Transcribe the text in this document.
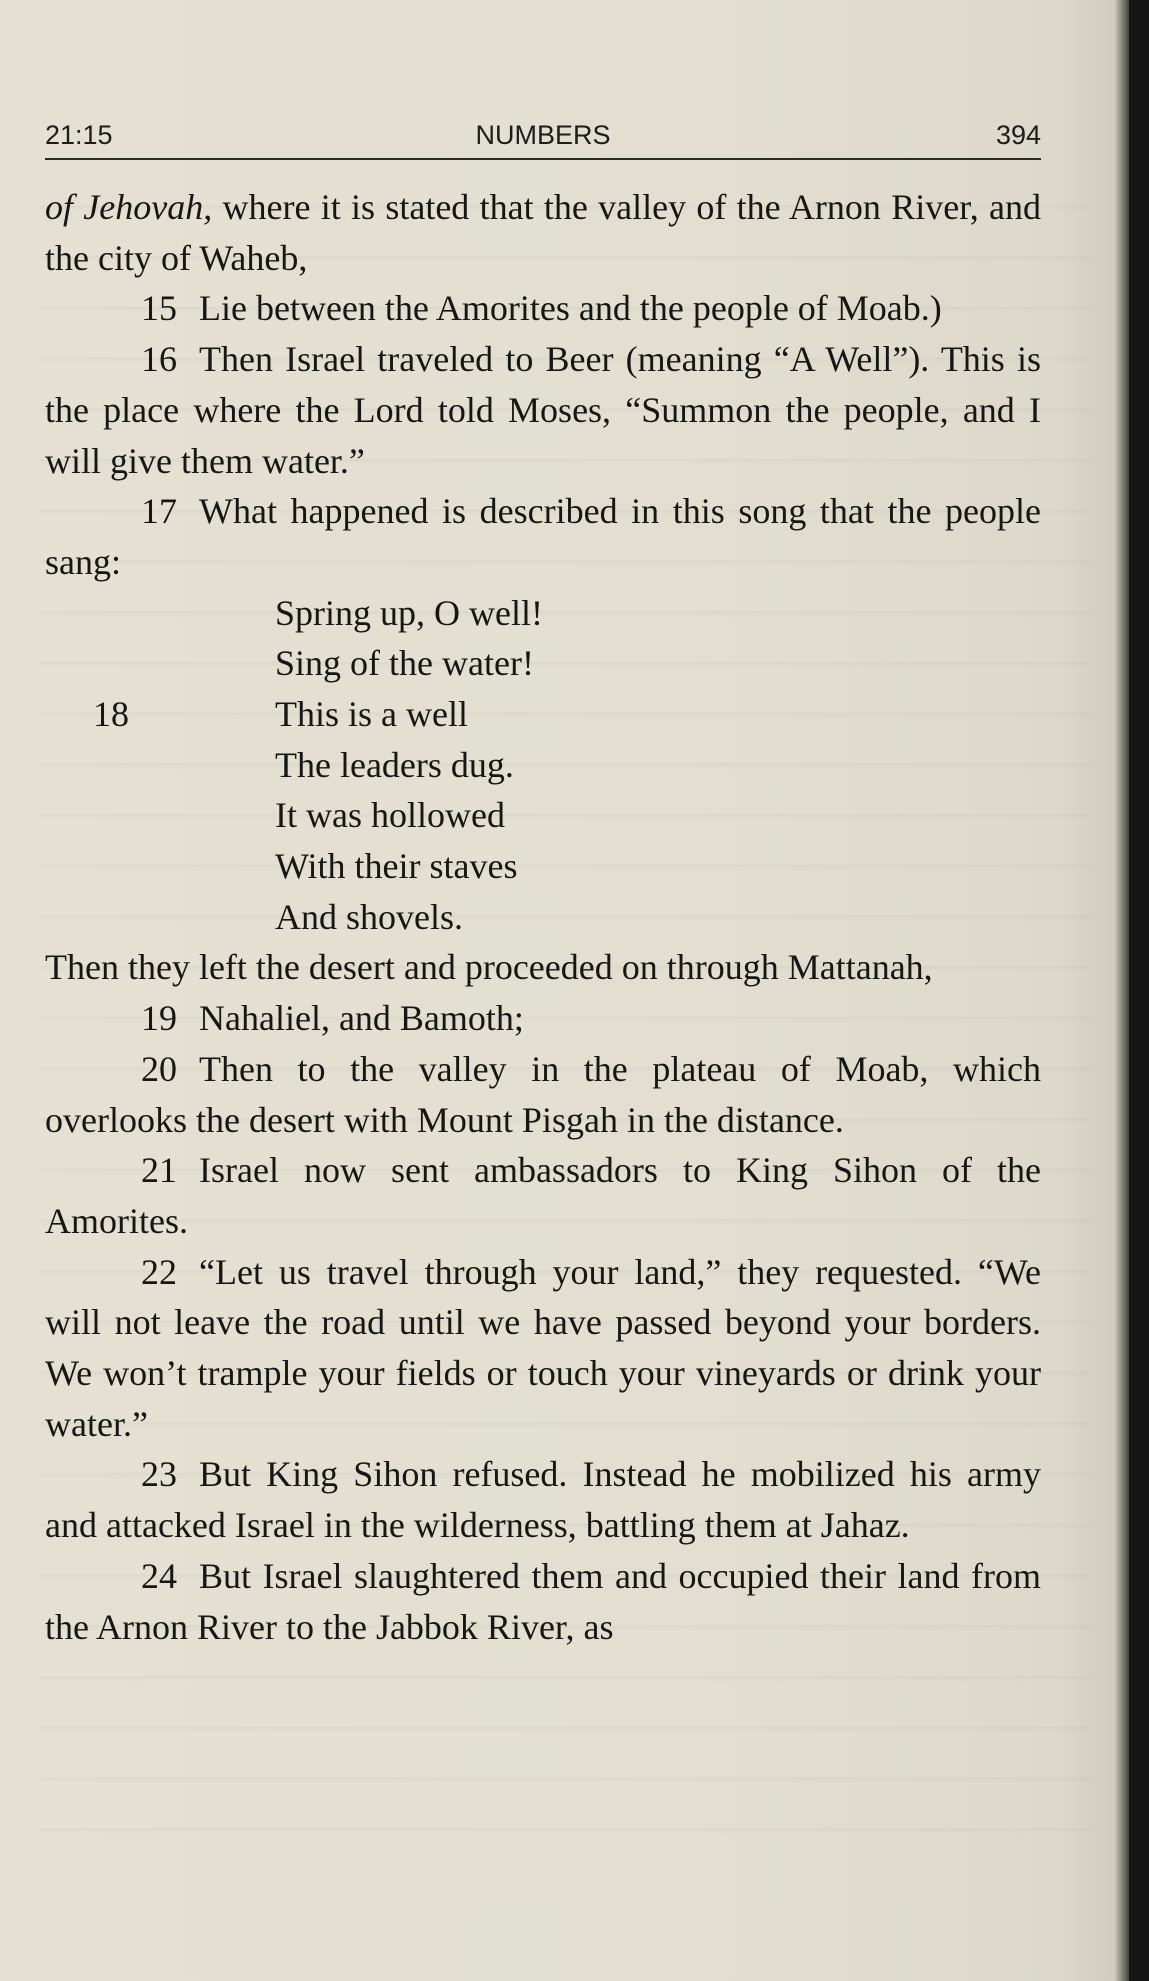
21:15	NUMBERS	394

of Jehovah, where it is stated that the valley of the Arnon River, and the city of Waheb,

15 Lie between the Amorites and the people of Moab.)

16 Then Israel traveled to Beer (meaning “A Well”). This is the place where the Lord told Moses, “Summon the people, and I will give them water.”

17 What happened is described in this song that the people sang:

Spring up, O well!
Sing of the water!
18	This is a well
The leaders dug.
It was hollowed
With their staves
And shovels.

Then they left the desert and proceeded on through Mattanah,

19 Nahaliel, and Bamoth;

20 Then to the valley in the plateau of Moab, which overlooks the desert with Mount Pisgah in the distance.

21 Israel now sent ambassadors to King Sihon of the Amorites.

22 “Let us travel through your land,” they requested. “We will not leave the road until we have passed beyond your borders. We won’t trample your fields or touch your vineyards or drink your water.”

23 But King Sihon refused. Instead he mobilized his army and attacked Israel in the wilderness, battling them at Jahaz.

24 But Israel slaughtered them and occupied their land from the Arnon River to the Jabbok River, as
